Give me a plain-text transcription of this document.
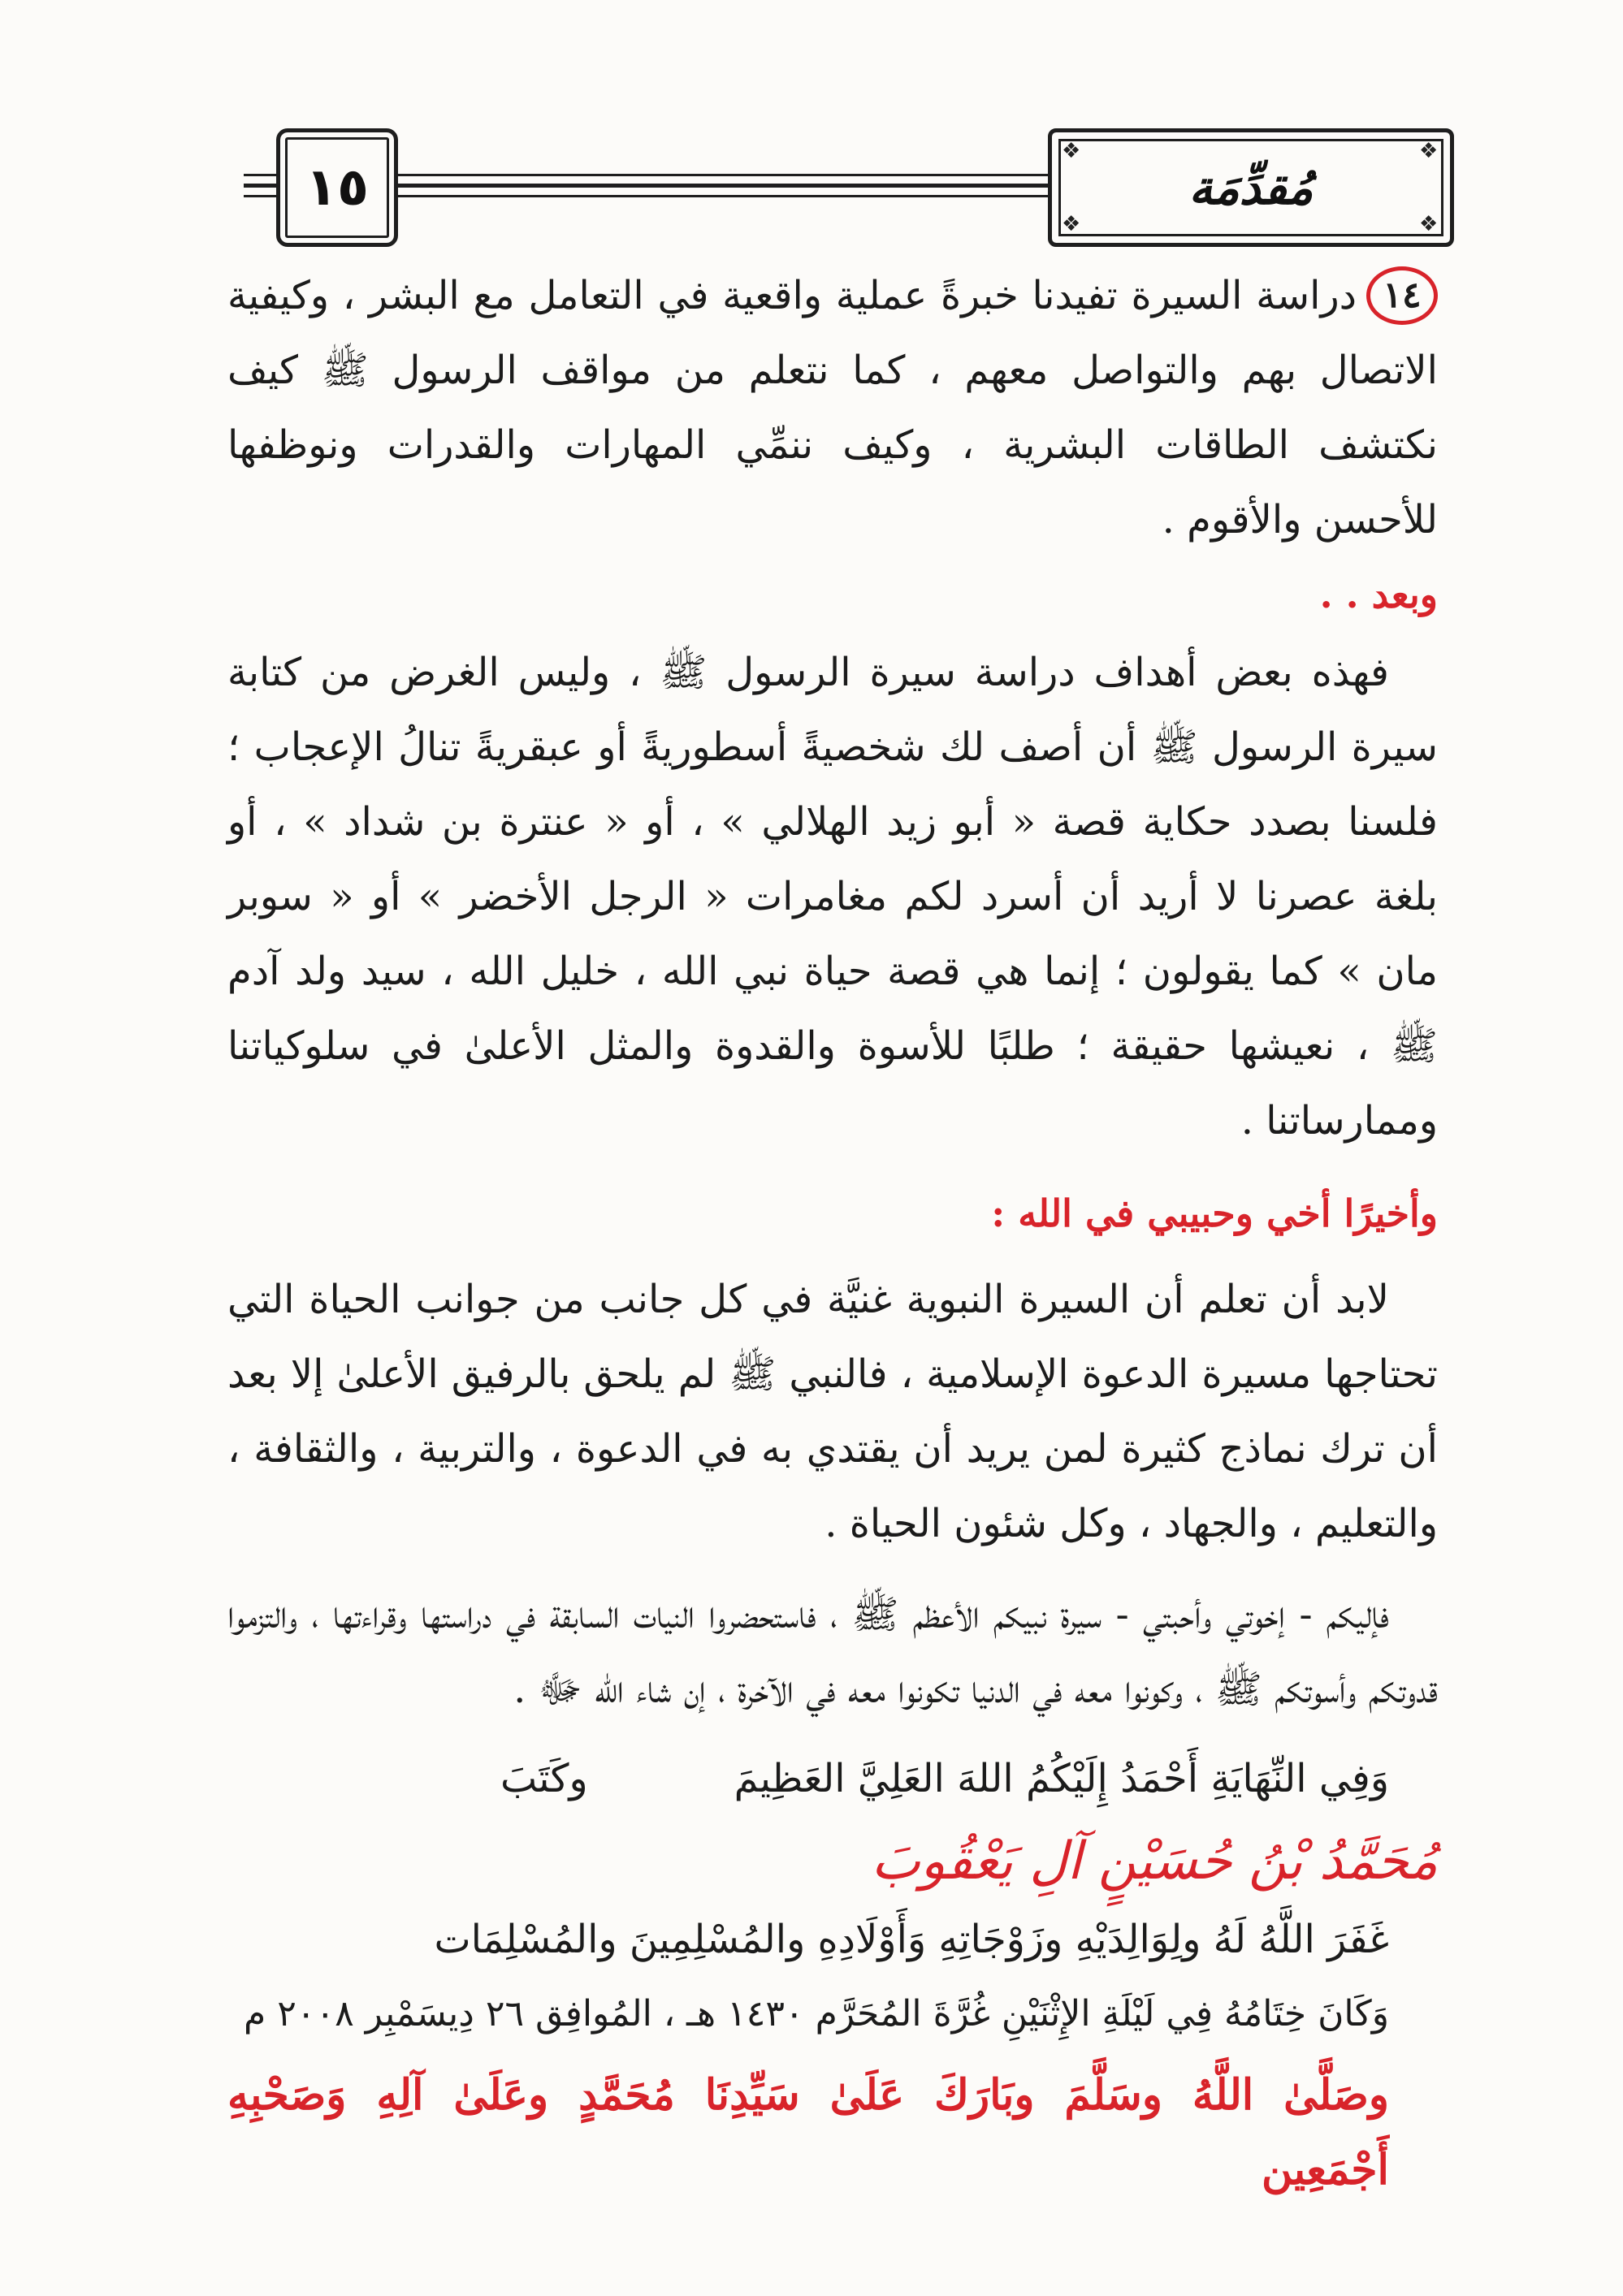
١٥
❖	❖
❖	❖
مُقدِّمَة

١٤دراسة السيرة تفيدنا خبرةً عملية واقعية في التعامل مع البشر ، وكيفية الاتصال بهم والتواصل معهم ، كما نتعلم من مواقف الرسول ﷺ كيف نكتشف الطاقات البشرية ، وكيف ننمِّي المهارات والقدرات ونوظفها للأحسن والأقوم .

وبعد . .

فهذه بعض أهداف دراسة سيرة الرسول ﷺ ، وليس الغرض من كتابة سيرة الرسول ﷺ أن أصف لك شخصيةً أسطوريةً أو عبقريةً تنالُ الإعجاب ؛ فلسنا بصدد حكاية قصة « أبو زيد الهلالي » ، أو « عنترة بن شداد » ، أو بلغة عصرنا لا أريد أن أسرد لكم مغامرات « الرجل الأخضر » أو « سوبر مان » كما يقولون ؛ إنما هي قصة حياة نبي الله ، خليل الله ، سيد ولد آدم ﷺ ، نعيشها حقيقة ؛ طلبًا للأسوة والقدوة والمثل الأعلىٰ في سلوكياتنا وممارساتنا .

وأخيرًا أخي وحبيبي في الله :

لابد أن تعلم أن السيرة النبوية غنيَّة في كل جانب من جوانب الحياة التي تحتاجها مسيرة الدعوة الإسلامية ، فالنبي ﷺ لم يلحق بالرفيق الأعلىٰ إلا بعد أن ترك نماذج كثيرة لمن يريد أن يقتدي به في الدعوة ، والتربية ، والثقافة ، والتعليم ، والجهاد ، وكل شئون الحياة .

فإليكم - إخوتي وأحبتي - سيرة نبيكم الأعظم ﷺ ، فاستحضروا النيات السابقة في دراستها وقراءتها ، والتزموا قدوتكم وأسوتكم ﷺ ، وكونوا معه في الدنيا تكونوا معه في الآخرة ، إن شاء الله ﷻ .

وَفِي النِّهَايَةِ أَحْمَدُ إِلَيْكُمُ اللهَ العَلِيَّ العَظِيمَوكَتَبَ

مُحَمَّدُ بْنُ حُسَيْنٍ آلِ يَعْقُوبَ

غَفَرَ اللَّهُ لَهُ ولِوَالِدَيْهِ وزَوْجَاتِهِ وَأَوْلَادِهِ والمُسْلِمِينَ والمُسْلِمَات

وَكَانَ خِتَامُهُ فِي لَيْلَةِ الإِثْنَيْنِ غُرَّةَ المُحَرَّم ١٤٣٠ هـ ، المُوافِق ٢٦ دِيسَمْبِر ٢٠٠٨ م

وصَلَّىٰ اللَّهُ وسَلَّمَ وبَارَكَ عَلَىٰ سَيِّدِنَا مُحَمَّدٍ وعَلَىٰ آلِهِ وَصَحْبِهِ أَجْمَعِين
